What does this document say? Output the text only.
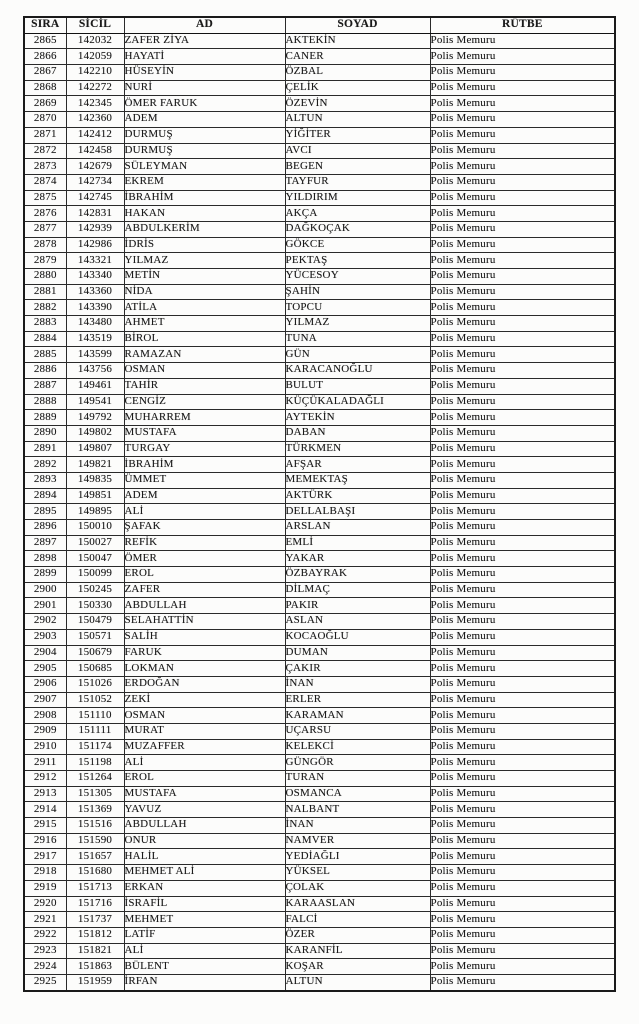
SIRA	SİCİL	AD	SOYAD	RÜTBE
2865	142032	ZAFER ZİYA	AKTEKİN	Polis Memuru
2866	142059	HAYATİ	CANER	Polis Memuru
2867	142210	HÜSEYİN	ÖZBAL	Polis Memuru
2868	142272	NURİ	ÇELİK	Polis Memuru
2869	142345	ÖMER FARUK	ÖZEVİN	Polis Memuru
2870	142360	ADEM	ALTUN	Polis Memuru
2871	142412	DURMUŞ	YİĞİTER	Polis Memuru
2872	142458	DURMUŞ	AVCI	Polis Memuru
2873	142679	SÜLEYMAN	BEGEN	Polis Memuru
2874	142734	EKREM	TAYFUR	Polis Memuru
2875	142745	İBRAHİM	YILDIRIM	Polis Memuru
2876	142831	HAKAN	AKÇA	Polis Memuru
2877	142939	ABDULKERİM	DAĞKOÇAK	Polis Memuru
2878	142986	İDRİS	GÖKCE	Polis Memuru
2879	143321	YILMAZ	PEKTAŞ	Polis Memuru
2880	143340	METİN	YÜCESOY	Polis Memuru
2881	143360	NİDA	ŞAHİN	Polis Memuru
2882	143390	ATİLA	TOPCU	Polis Memuru
2883	143480	AHMET	YILMAZ	Polis Memuru
2884	143519	BİROL	TUNA	Polis Memuru
2885	143599	RAMAZAN	GÜN	Polis Memuru
2886	143756	OSMAN	KARACANOĞLU	Polis Memuru
2887	149461	TAHİR	BULUT	Polis Memuru
2888	149541	CENGİZ	KÜÇÜKALADAĞLI	Polis Memuru
2889	149792	MUHARREM	AYTEKİN	Polis Memuru
2890	149802	MUSTAFA	DABAN	Polis Memuru
2891	149807	TURGAY	TÜRKMEN	Polis Memuru
2892	149821	İBRAHİM	AFŞAR	Polis Memuru
2893	149835	ÜMMET	MEMEKTAŞ	Polis Memuru
2894	149851	ADEM	AKTÜRK	Polis Memuru
2895	149895	ALİ	DELLALBAŞI	Polis Memuru
2896	150010	ŞAFAK	ARSLAN	Polis Memuru
2897	150027	REFİK	EMLİ	Polis Memuru
2898	150047	ÖMER	YAKAR	Polis Memuru
2899	150099	EROL	ÖZBAYRAK	Polis Memuru
2900	150245	ZAFER	DİLMAÇ	Polis Memuru
2901	150330	ABDULLAH	PAKIR	Polis Memuru
2902	150479	SELAHATTİN	ASLAN	Polis Memuru
2903	150571	SALİH	KOCAOĞLU	Polis Memuru
2904	150679	FARUK	DUMAN	Polis Memuru
2905	150685	LOKMAN	ÇAKIR	Polis Memuru
2906	151026	ERDOĞAN	İNAN	Polis Memuru
2907	151052	ZEKİ	ERLER	Polis Memuru
2908	151110	OSMAN	KARAMAN	Polis Memuru
2909	151111	MURAT	UÇARSU	Polis Memuru
2910	151174	MUZAFFER	KELEKCİ	Polis Memuru
2911	151198	ALİ	GÜNGÖR	Polis Memuru
2912	151264	EROL	TURAN	Polis Memuru
2913	151305	MUSTAFA	OSMANCA	Polis Memuru
2914	151369	YAVUZ	NALBANT	Polis Memuru
2915	151516	ABDULLAH	İNAN	Polis Memuru
2916	151590	ONUR	NAMVER	Polis Memuru
2917	151657	HALİL	YEDİAĞLI	Polis Memuru
2918	151680	MEHMET ALİ	YÜKSEL	Polis Memuru
2919	151713	ERKAN	ÇOLAK	Polis Memuru
2920	151716	İSRAFİL	KARAASLAN	Polis Memuru
2921	151737	MEHMET	FALCİ	Polis Memuru
2922	151812	LATİF	ÖZER	Polis Memuru
2923	151821	ALİ	KARANFİL	Polis Memuru
2924	151863	BÜLENT	KOŞAR	Polis Memuru
2925	151959	İRFAN	ALTUN	Polis Memuru
